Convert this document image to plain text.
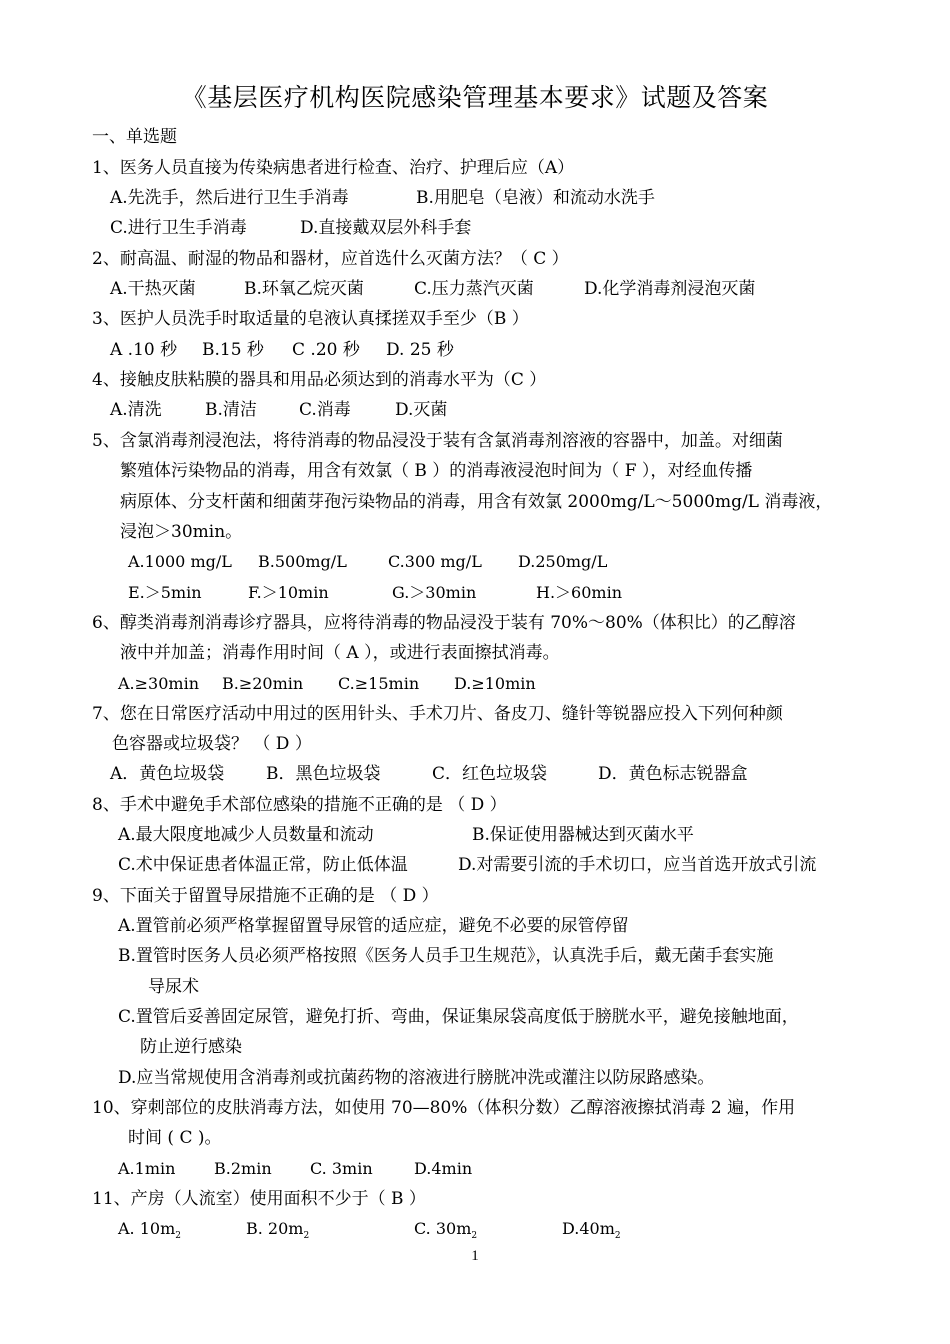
《基层医疗机构医院感染管理基本要求》试题及答案
一、单选题
1、医务人员直接为传染病患者进行检查、治疗、护理后应（A）
A.先洗手，然后进行卫生手消毒	B.用肥皂（皂液）和流动水洗手
C.进行卫生手消毒	D.直接戴双层外科手套
2、耐高温、耐湿的物品和器材，应首选什么灭菌方法？（ C ）
A.干热灭菌	B.环氧乙烷灭菌	C.压力蒸汽灭菌	D.化学消毒剂浸泡灭菌
3、医护人员洗手时取适量的皂液认真揉搓双手至少（B ）
A .10 秒 B.15 秒 C .20 秒 D. 25 秒
4、接触皮肤粘膜的器具和用品必须达到的消毒水平为（C ）
A.清洗	B.清洁 C.消毒	D.灭菌
5、含氯消毒剂浸泡法，将待消毒的物品浸没于装有含氯消毒剂溶液的容器中，加盖。对细菌
繁殖体污染物品的消毒，用含有效氯（ B ）的消毒液浸泡时间为（ F ），对经血传播
病原体、分支杆菌和细菌芽孢污染物品的消毒，用含有效氯 2000mg/L～5000mg/L 消毒液，
浸泡＞30min。
A.1000 mg/L B.500mg/L	C.300 mg/L D.250mg/L
E.＞5min	F.＞10min	G.＞30min	H.＞60min
6、醇类消毒剂消毒诊疗器具，应将待消毒的物品浸没于装有 70%～80%（体积比）的乙醇溶
液中并加盖；消毒作用时间（ A ），或进行表面擦拭消毒。
A.≥30min B.≥20min C.≥15min D.≥10min
7、您在日常医疗活动中用过的医用针头、手术刀片、备皮刀、缝针等锐器应投入下列何种颜
色容器或垃圾袋？ （ D ）
A．黄色垃圾袋 B．黑色垃圾袋	C．红色垃圾袋	D．黄色标志锐器盒
8、手术中避免手术部位感染的措施不正确的是 （ D ）
A.最大限度地减少人员数量和流动	B.保证使用器械达到灭菌水平
C.术中保证患者体温正常，防止低体温	D.对需要引流的手术切口，应当首选开放式引流
9、下面关于留置导尿措施不正确的是 （ D ）
A.置管前必须严格掌握留置导尿管的适应症，避免不必要的尿管停留
B.置管时医务人员必须严格按照《医务人员手卫生规范》，认真洗手后，戴无菌手套实施
导尿术
C.置管后妥善固定尿管，避免打折、弯曲，保证集尿袋高度低于膀胱水平，避免接触地面，
防止逆行感染
D.应当常规使用含消毒剂或抗菌药物的溶液进行膀胱冲洗或灌注以防尿路感染。
10、穿刺部位的皮肤消毒方法，如使用 70—80%（体积分数）乙醇溶液擦拭消毒 2 遍，作用
时间 ( C )。
A.1min B.2min C. 3min	D.4min
11、产房（人流室）使用面积不少于（ B ）
A. $10m_2$	B. $20m_2$	C. $30m_2$	$D.40m_2$
1
